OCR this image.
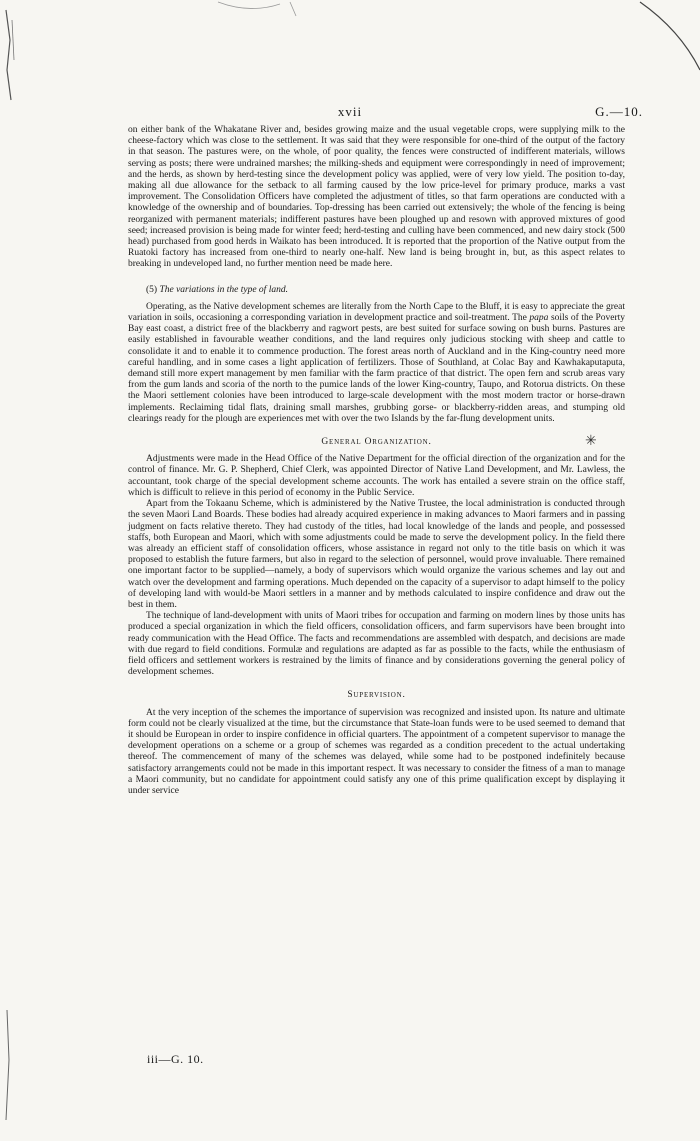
xvii	G.—10.

on either bank of the Whakatane River and, besides growing maize and the usual vegetable crops, were supplying milk to the cheese-factory which was close to the settlement. It was said that they were responsible for one-third of the output of the factory in that season. The pastures were, on the whole, of poor quality, the fences were constructed of indifferent materials, willows serving as posts; there were undrained marshes; the milking-sheds and equipment were correspondingly in need of improvement; and the herds, as shown by herd-testing since the development policy was applied, were of very low yield. The position to-day, making all due allowance for the setback to all farming caused by the low price-level for primary produce, marks a vast improvement. The Consolidation Officers have completed the adjustment of titles, so that farm operations are conducted with a knowledge of the ownership and of boundaries. Top-dressing has been carried out extensively; the whole of the fencing is being reorganized with permanent materials; indifferent pastures have been ploughed up and resown with approved mixtures of good seed; increased provision is being made for winter feed; herd-testing and culling have been commenced, and new dairy stock (500 head) purchased from good herds in Waikato has been introduced. It is reported that the proportion of the Native output from the Ruatoki factory has increased from one-third to nearly one-half. New land is being brought in, but, as this aspect relates to breaking in undeveloped land, no further mention need be made here.

(5) The variations in the type of land.

Operating, as the Native development schemes are literally from the North Cape to the Bluff, it is easy to appreciate the great variation in soils, occasioning a corresponding variation in development practice and soil-treatment. The papa soils of the Poverty Bay east coast, a district free of the blackberry and ragwort pests, are best suited for surface sowing on bush burns. Pastures are easily established in favourable weather conditions, and the land requires only judicious stocking with sheep and cattle to consolidate it and to enable it to commence production. The forest areas north of Auckland and in the King-country need more careful handling, and in some cases a light application of fertilizers. Those of Southland, at Colac Bay and Kawhakaputaputa, demand still more expert management by men familiar with the farm practice of that district. The open fern and scrub areas vary from the gum lands and scoria of the north to the pumice lands of the lower King-country, Taupo, and Rotorua districts. On these the Maori settlement colonies have been introduced to large-scale development with the most modern tractor or horse-drawn implements. Reclaiming tidal flats, draining small marshes, grubbing gorse- or blackberry-ridden areas, and stumping old clearings ready for the plough are experiences met with over the two Islands by the far-flung development units.

General Organization.

Adjustments were made in the Head Office of the Native Department for the official direction of the organization and for the control of finance. Mr. G. P. Shepherd, Chief Clerk, was appointed Director of Native Land Development, and Mr. Lawless, the accountant, took charge of the special development scheme accounts. The work has entailed a severe strain on the office staff, which is difficult to relieve in this period of economy in the Public Service.

Apart from the Tokaanu Scheme, which is administered by the Native Trustee, the local administration is conducted through the seven Maori Land Boards. These bodies had already acquired experience in making advances to Maori farmers and in passing judgment on facts relative thereto. They had custody of the titles, had local knowledge of the lands and people, and possessed staffs, both European and Maori, which with some adjustments could be made to serve the development policy. In the field there was already an efficient staff of consolidation officers, whose assistance in regard not only to the title basis on which it was proposed to establish the future farmers, but also in regard to the selection of personnel, would prove invaluable. There remained one important factor to be supplied—namely, a body of supervisors which would organize the various schemes and lay out and watch over the development and farming operations. Much depended on the capacity of a supervisor to adapt himself to the policy of developing land with would-be Maori settlers in a manner and by methods calculated to inspire confidence and draw out the best in them.

The technique of land-development with units of Maori tribes for occupation and farming on modern lines by those units has produced a special organization in which the field officers, consolidation officers, and farm supervisors have been brought into ready communication with the Head Office. The facts and recommendations are assembled with despatch, and decisions are made with due regard to field conditions. Formulæ and regulations are adapted as far as possible to the facts, while the enthusiasm of field officers and settlement workers is restrained by the limits of finance and by considerations governing the general policy of development schemes.

Supervision.

At the very inception of the schemes the importance of supervision was recognized and insisted upon. Its nature and ultimate form could not be clearly visualized at the time, but the circumstance that State-loan funds were to be used seemed to demand that it should be European in order to inspire confidence in official quarters. The appointment of a competent supervisor to manage the development operations on a scheme or a group of schemes was regarded as a condition precedent to the actual undertaking thereof. The commencement of many of the schemes was delayed, while some had to be postponed indefinitely because satisfactory arrangements could not be made in this important respect. It was necessary to consider the fitness of a man to manage a Maori community, but no candidate for appointment could satisfy any one of this prime qualification except by displaying it under service

✳
iii—G. 10.
